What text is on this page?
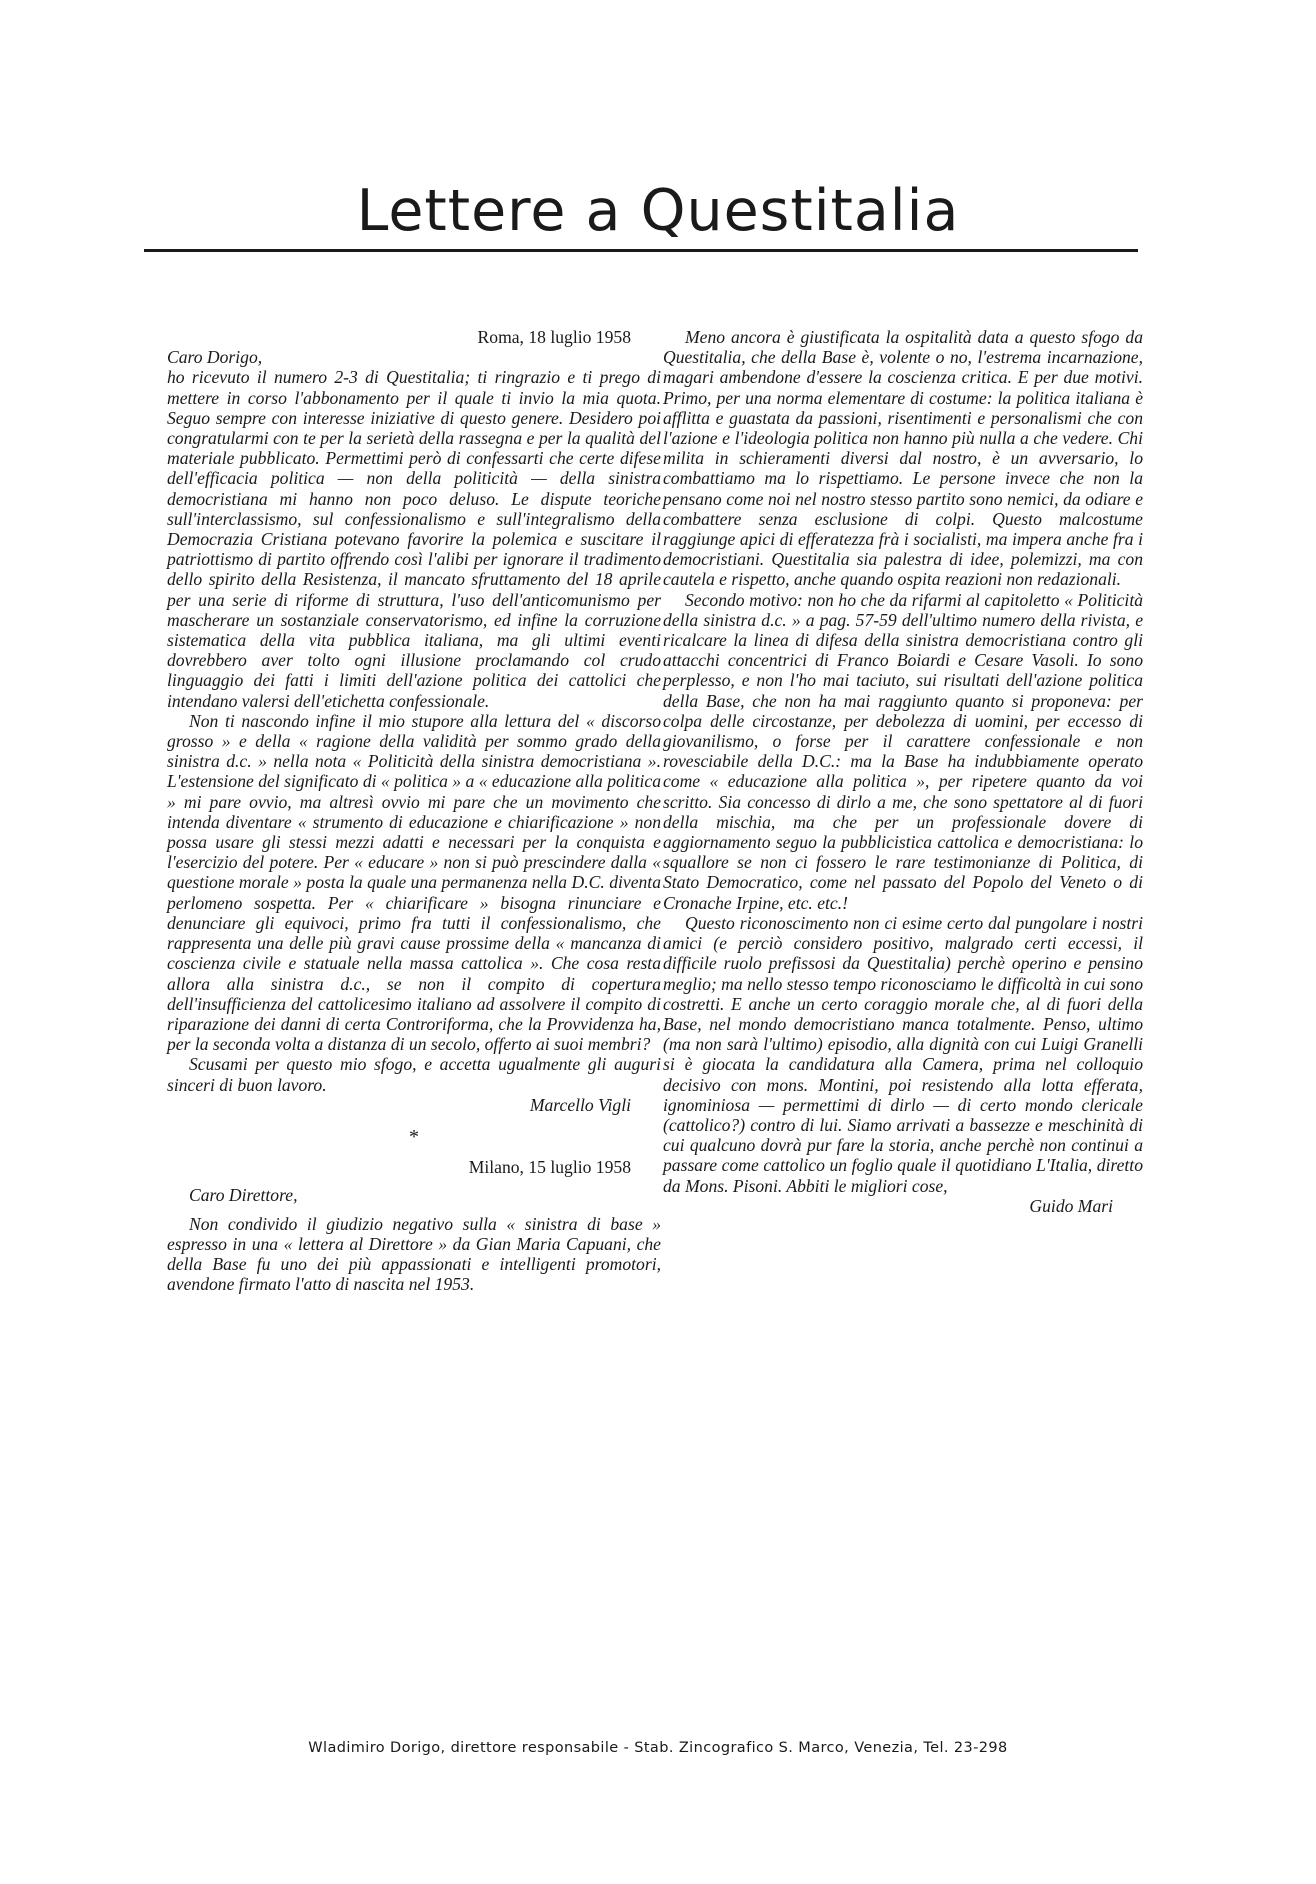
Lettere a Questitalia

Roma, 18 luglio 1958

Caro Dorigo,

ho ricevuto il numero 2-3 di Questitalia; ti ringrazio e ti prego di mettere in corso l'abbonamento per il quale ti invio la mia quota. Seguo sempre con interesse iniziative di questo genere. Desidero poi congratularmi con te per la serietà della rassegna e per la qualità del materiale pubblicato. Permettimi però di confessarti che certe difese dell'efficacia politica — non della politicità — della sinistra democristiana mi hanno non poco deluso. Le dispute teoriche sull'interclassismo, sul confessionalismo e sull'integralismo della Democrazia Cristiana potevano favorire la polemica e suscitare il patriottismo di partito offrendo così l'alibi per ignorare il tradimento dello spirito della Resistenza, il mancato sfruttamento del 18 aprile per una serie di riforme di struttura, l'uso dell'anticomunismo per mascherare un sostanziale conservatorismo, ed infine la corruzione sistematica della vita pubblica italiana, ma gli ultimi eventi dovrebbero aver tolto ogni illusione proclamando col crudo linguaggio dei fatti i limiti dell'azione politica dei cattolici che intendano valersi dell'etichetta confessionale.

Non ti nascondo infine il mio stupore alla lettura del « discorso grosso » e della « ragione della validità per sommo grado della sinistra d.c. » nella nota « Politicità della sinistra democristiana ». L'estensione del significato di « politica » a « educazione alla politica » mi pare ovvio, ma altresì ovvio mi pare che un movimento che intenda diventare « strumento di educazione e chiarificazione » non possa usare gli stessi mezzi adatti e necessari per la conquista e l'esercizio del potere. Per « educare » non si può prescindere dalla « questione morale » posta la quale una permanenza nella D.C. diventa perlomeno sospetta. Per « chiarificare » bisogna rinunciare e denunciare gli equivoci, primo fra tutti il confessionalismo, che rappresenta una delle più gravi cause prossime della « mancanza di coscienza civile e statuale nella massa cattolica ». Che cosa resta allora alla sinistra d.c., se non il compito di copertura dell'insufficienza del cattolicesimo italiano ad assolvere il compito di riparazione dei danni di certa Controriforma, che la Provvidenza ha, per la seconda volta a distanza di un secolo, offerto ai suoi membri?

Scusami per questo mio sfogo, e accetta ugualmente gli auguri sinceri di buon lavoro.

Marcello Vigli

*

Milano, 15 luglio 1958

Caro Direttore,

Non condivido il giudizio negativo sulla « sinistra di base » espresso in una « lettera al Direttore » da Gian Maria Capuani, che della Base fu uno dei più appassionati e intelligenti promotori, avendone firmato l'atto di nascita nel 1953.

Meno ancora è giustificata la ospitalità data a questo sfogo da Questitalia, che della Base è, volente o no, l'estrema incarnazione, magari ambendone d'essere la coscienza critica. E per due motivi. Primo, per una norma elementare di costume: la politica italiana è afflitta e guastata da passioni, risentimenti e personalismi che con l'azione e l'ideologia politica non hanno più nulla a che vedere. Chi milita in schieramenti diversi dal nostro, è un avversario, lo combattiamo ma lo rispettiamo. Le persone invece che non la pensano come noi nel nostro stesso partito sono nemici, da odiare e combattere senza esclusione di colpi. Questo malcostume raggiunge apici di efferatezza frà i socialisti, ma impera anche fra i democristiani. Questitalia sia palestra di idee, polemizzi, ma con cautela e rispetto, anche quando ospita reazioni non redazionali.

Secondo motivo: non ho che da rifarmi al capitoletto « Politicità della sinistra d.c. » a pag. 57-59 dell'ultimo numero della rivista, e ricalcare la linea di difesa della sinistra democristiana contro gli attacchi concentrici di Franco Boiardi e Cesare Vasoli. Io sono perplesso, e non l'ho mai taciuto, sui risultati dell'azione politica della Base, che non ha mai raggiunto quanto si proponeva: per colpa delle circostanze, per debolezza di uomini, per eccesso di giovanilismo, o forse per il carattere confessionale e non rovesciabile della D.C.: ma la Base ha indubbiamente operato come « educazione alla politica », per ripetere quanto da voi scritto. Sia concesso di dirlo a me, che sono spettatore al di fuori della mischia, ma che per un professionale dovere di aggiornamento seguo la pubblicistica cattolica e democristiana: lo squallore se non ci fossero le rare testimonianze di Politica, di Stato Democratico, come nel passato del Popolo del Veneto o di Cronache Irpine, etc. etc.!

Questo riconoscimento non ci esime certo dal pungolare i nostri amici (e perciò considero positivo, malgrado certi eccessi, il difficile ruolo prefissosi da Questitalia) perchè operino e pensino meglio; ma nello stesso tempo riconosciamo le difficoltà in cui sono costretti. E anche un certo coraggio morale che, al di fuori della Base, nel mondo democristiano manca totalmente. Penso, ultimo (ma non sarà l'ultimo) episodio, alla dignità con cui Luigi Granelli si è giocata la candidatura alla Camera, prima nel colloquio decisivo con mons. Montini, poi resistendo alla lotta efferata, ignominiosa — permettimi di dirlo — di certo mondo clericale (cattolico?) contro di lui. Siamo arrivati a bassezze e meschinità di cui qualcuno dovrà pur fare la storia, anche perchè non continui a passare come cattolico un foglio quale il quotidiano L'Italia, diretto da Mons. Pisoni. Abbiti le migliori cose,

Guido Mari

Wladimiro Dorigo, direttore responsabile - Stab. Zincografico S. Marco, Venezia, Tel. 23-298
